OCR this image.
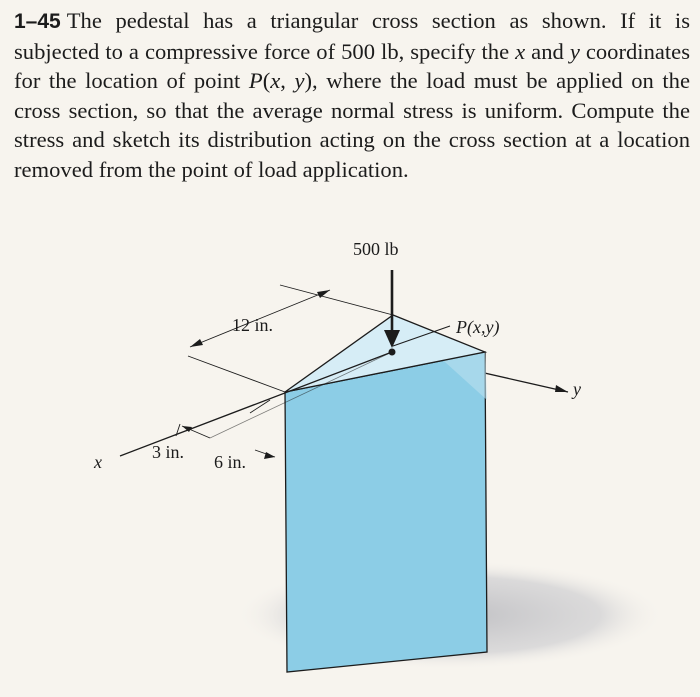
1–45 The pedestal has a triangular cross section as shown. If it is subjected to a compressive force of 500 lb, specify the x and y coordinates for the location of point P(x, y), where the load must be applied on the cross section, so that the average normal stress is uniform. Compute the stress and sketch its distribution acting on the cross section at a location removed from the point of load application.

12 in.
3 in. 6 in.
500 lb
P(x,y)
x
y
